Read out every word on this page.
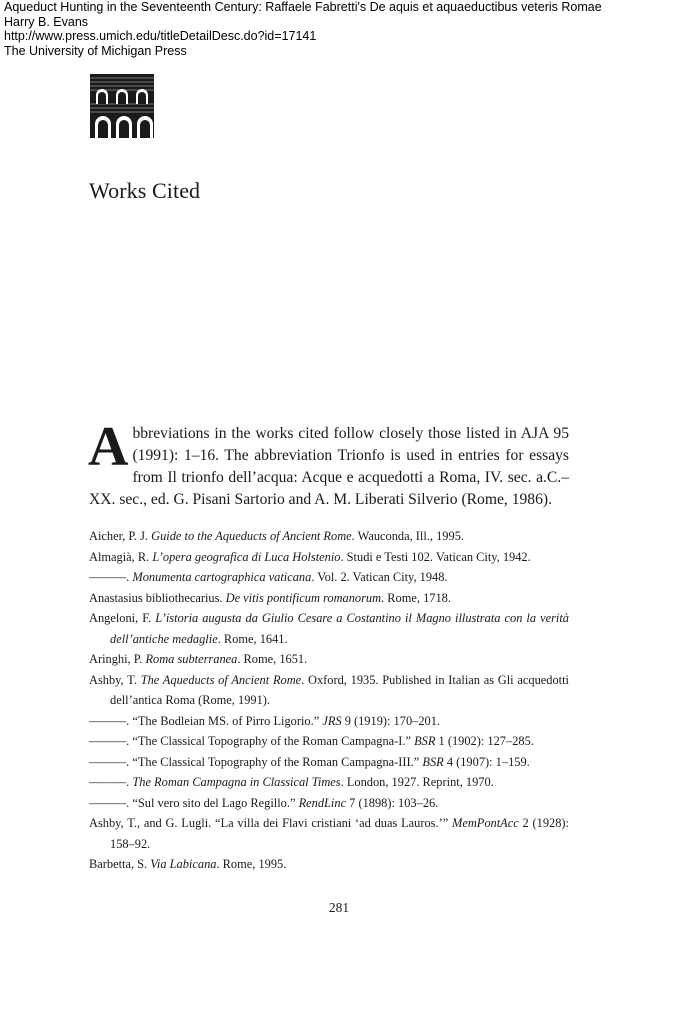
Aqueduct Hunting in the Seventeenth Century: Raffaele Fabretti's De aquis et aquaeductibus veteris Romae
Harry B. Evans
http://www.press.umich.edu/titleDetailDesc.do?id=17141
The University of Michigan Press
Works Cited
A bbreviations in the works cited follow closely those listed in AJA 95 (1991): 1–16. The abbreviation Trionfo is used in entries for essays from Il trionfo dell’acqua: Acque e acquedotti a Roma, IV. sec. a.C.–XX. sec., ed. G. Pisani Sartorio and A. M. Liberati Silverio (Rome, 1986).
Aicher, P. J. Guide to the Aqueducts of Ancient Rome. Wauconda, Ill., 1995.
Almagià, R. L’opera geografica di Luca Holstenio. Studi e Testi 102. Vatican City, 1942.
———. Monumenta cartographica vaticana. Vol. 2. Vatican City, 1948.
Anastasius bibliothecarius. De vitis pontificum romanorum. Rome, 1718.
Angeloni, F. L’istoria augusta da Giulio Cesare a Costantino il Magno illustrata con la verità dell’antiche medaglie. Rome, 1641.
Aringhi, P. Roma subterranea. Rome, 1651.
Ashby, T. The Aqueducts of Ancient Rome. Oxford, 1935. Published in Italian as Gli acquedotti dell’antica Roma (Rome, 1991).
———. “The Bodleian MS. of Pirro Ligorio.” JRS 9 (1919): 170–201.
———. “The Classical Topography of the Roman Campagna-I.” BSR 1 (1902): 127–285.
———. “The Classical Topography of the Roman Campagna-III.” BSR 4 (1907): 1–159.
———. The Roman Campagna in Classical Times. London, 1927. Reprint, 1970.
———. “Sul vero sito del Lago Regillo.” RendLinc 7 (1898): 103–26.
Ashby, T., and G. Lugli. “La villa dei Flavi cristiani ‘ad duas Lauros.’” MemPontAcc 2 (1928): 158–92.
Barbetta, S. Via Labicana. Rome, 1995.
281
